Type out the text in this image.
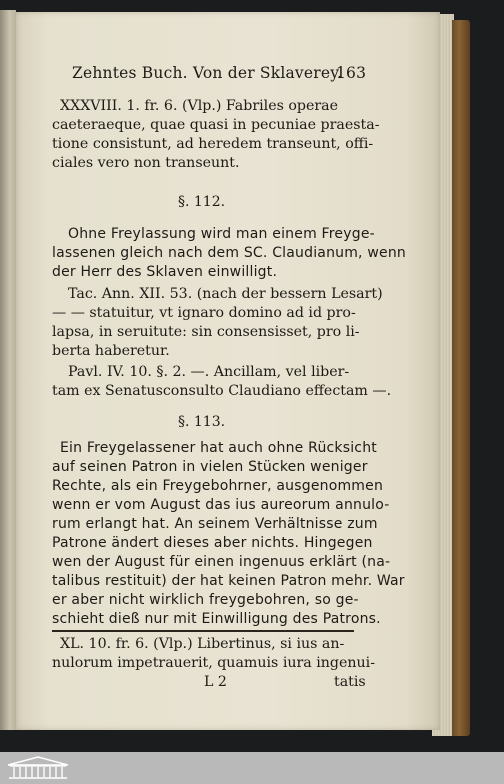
Zehntes Buch. Von der Sklaverey.
163
XXXVIII. 1. fr. 6. (Vlp.) Fabriles operae
caeteraeque, quae quasi in pecuniae praesta-
tione consistunt, ad heredem transeunt, offi-
ciales vero non transeunt.
§. 112.
Ohne Freylassung wird man einem Freyge-
lassenen gleich nach dem SC. Claudianum, wenn
der Herr des Sklaven einwilligt.
Tac. Ann. XII. 53. (nach der bessern Lesart)
— — statuitur, vt ignaro domino ad id pro-
lapsa, in seruitute: sin consensisset, pro li-
berta haberetur.
Pavl. IV. 10. §. 2. —. Ancillam, vel liber-
tam ex Senatusconsulto Claudiano effectam —.
§. 113.
Ein Freygelassener hat auch ohne Rücksicht
auf seinen Patron in vielen Stücken weniger
Rechte, als ein Freygebohrner, ausgenommen
wenn er vom August das ius aureorum annulo-
rum erlangt hat. An seinem Verhältnisse zum
Patrone ändert dieses aber nichts. Hingegen
wen der August für einen ingenuus erklärt (na-
talibus restituit) der hat keinen Patron mehr. War
er aber nicht wirklich freygebohren, so ge-
schieht dieß nur mit Einwilligung des Patrons.
XL. 10. fr. 6. (Vlp.) Libertinus, si ius an-
nulorum impetrauerit, quamuis iura ingenui-
L 2	tatis
